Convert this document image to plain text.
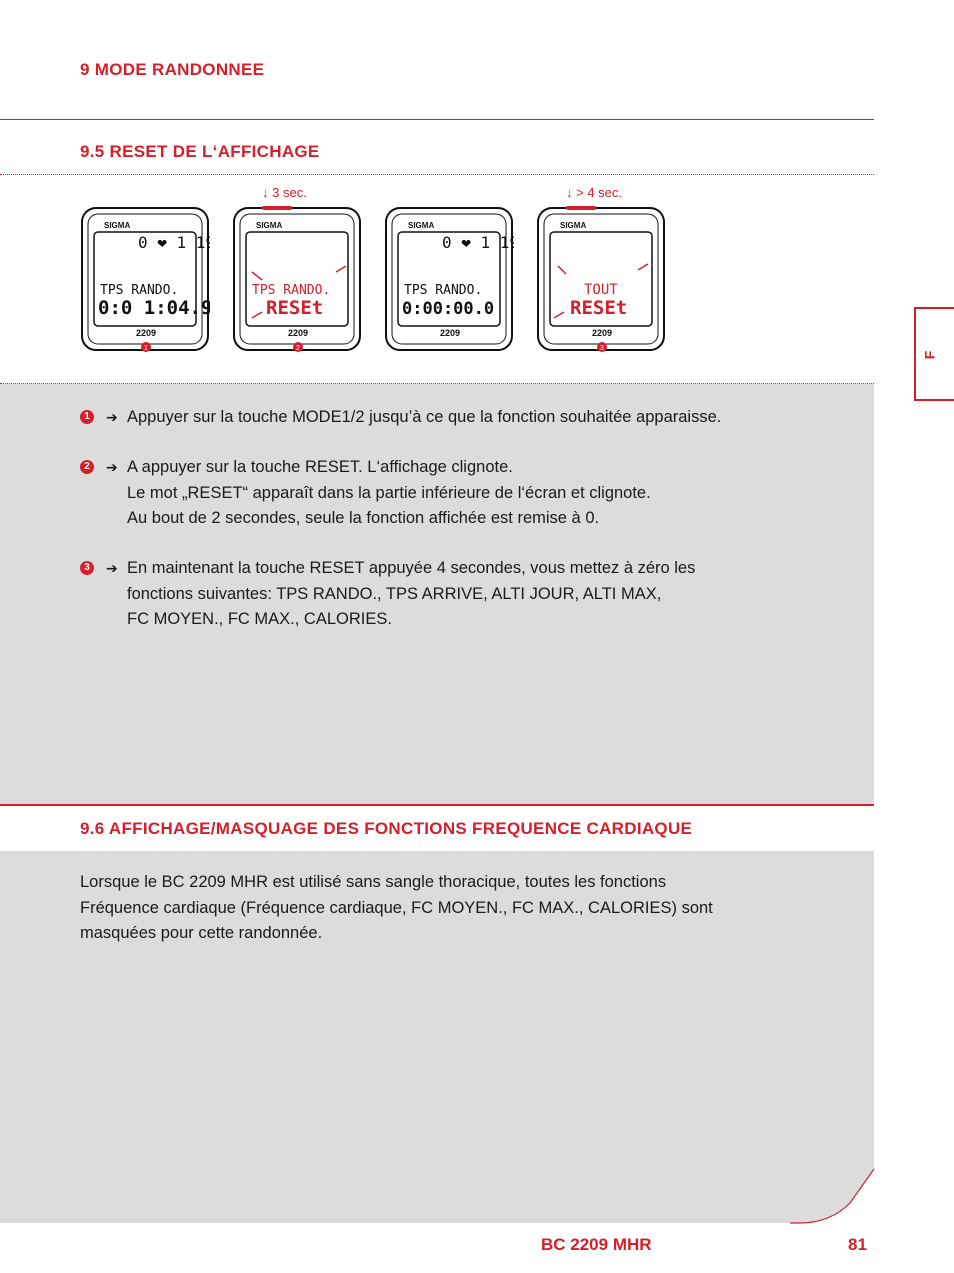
9 MODE RANDONNEE
9.5 RESET DE L‘AFFICHAGE
↓ 3 sec.	↓ > 4 sec.
SIGMA
0 ❤ 1 19
TPS RANDO.
0:0 1:04.9
2209
1
SIGMA
TPS RANDO.
RESEt
2209
2
SIGMA
0 ❤ 1 19
TPS RANDO.
0:00:00.0
2209
SIGMA
TOUT
RESEt
2209
3
1	➔ Appuyer sur la touche MODE1/2 jusqu’à ce que la fonction souhaitée apparaisse.
2	➔ A appuyer sur la touche RESET. L‘affichage clignote.
Le mot „RESET“ apparaît dans la partie inférieure de l‘écran et clignote.
Au bout de 2 secondes, seule la fonction affichée est remise à 0.
3	➔ En maintenant la touche RESET appuyée 4 secondes, vous mettez à zéro les
fonctions suivantes: TPS RANDO., TPS ARRIVE, ALTI JOUR, ALTI MAX,
FC MOYEN., FC MAX., CALORIES.
9.6 AFFICHAGE/MASQUAGE DES FONCTIONS FREQUENCE CARDIAQUE
Lorsque le BC 2209 MHR est utilisé sans sangle thoracique, toutes les fonctions
Fréquence cardiaque (Fréquence cardiaque, FC MOYEN., FC MAX., CALORIES) sont
masquées pour cette randonnée.
F
BC 2209 MHR	81
